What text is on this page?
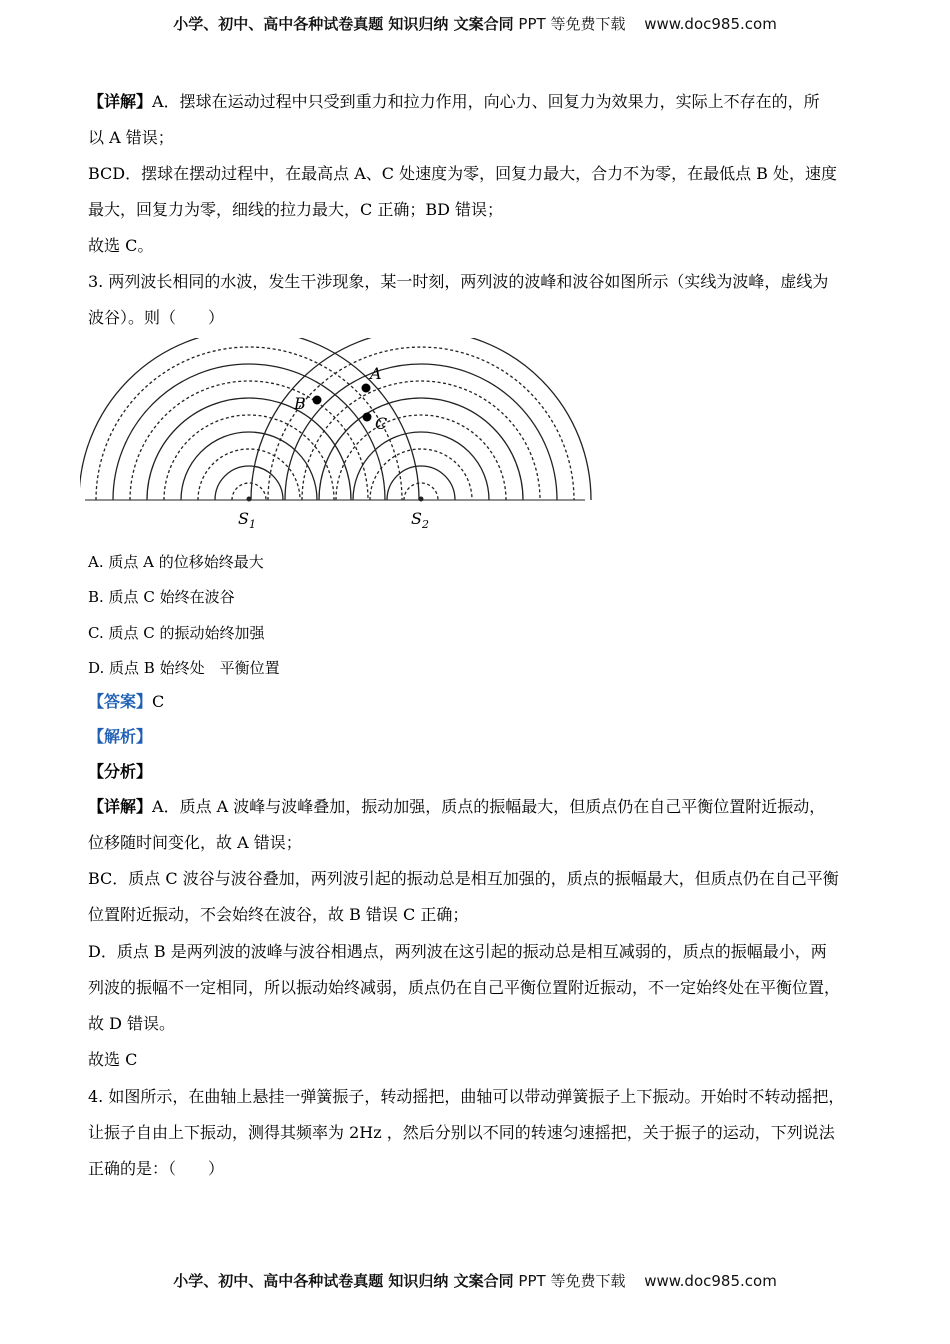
小学、初中、高中各种试卷真题 知识归纳 文案合同 PPT 等免费下载 www.doc985.com
【详解】A．摆球在运动过程中只受到重力和拉力作用，向心力、回复力为效果力，实际上不存在的，所
以 A 错误；
BCD．摆球在摆动过程中，在最高点 A、C 处速度为零，回复力最大，合力不为零，在最低点 B 处，速度
最大，回复力为零，细线的拉力最大，C 正确；BD 错误；
故选 C。
3. 两列波长相同的水波，发生干涉现象，某一时刻，两列波的波峰和波谷如图所示（实线为波峰，虚线为
波谷）。则（　　）
A
B
C
$S_1$	$S_2$
A. 质点 A 的位移始终最大
B. 质点 C 始终在波谷
C. 质点 C 的振动始终加强
D. 质点 B 始终处　平衡位置
【答案】C
【解析】
【分析】
【详解】A．质点 A 波峰与波峰叠加，振动加强，质点的振幅最大，但质点仍在自己平衡位置附近振动，
位移随时间变化，故 A 错误；
BC．质点 C 波谷与波谷叠加，两列波引起的振动总是相互加强的，质点的振幅最大，但质点仍在自己平衡
位置附近振动，不会始终在波谷，故 B 错误 C 正确；
D．质点 B 是两列波的波峰与波谷相遇点，两列波在这引起的振动总是相互减弱的，质点的振幅最小，两
列波的振幅不一定相同，所以振动始终减弱，质点仍在自己平衡位置附近振动，不一定始终处在平衡位置，
故 D 错误。
故选 C
4. 如图所示，在曲轴上悬挂一弹簧振子，转动摇把，曲轴可以带动弹簧振子上下振动。开始时不转动摇把，
让振子自由上下振动，测得其频率为 2Hz ，然后分别以不同的转速匀速摇把，关于振子的运动，下列说法
正确的是：（　　）
小学、初中、高中各种试卷真题 知识归纳 文案合同 PPT 等免费下载 www.doc985.com
